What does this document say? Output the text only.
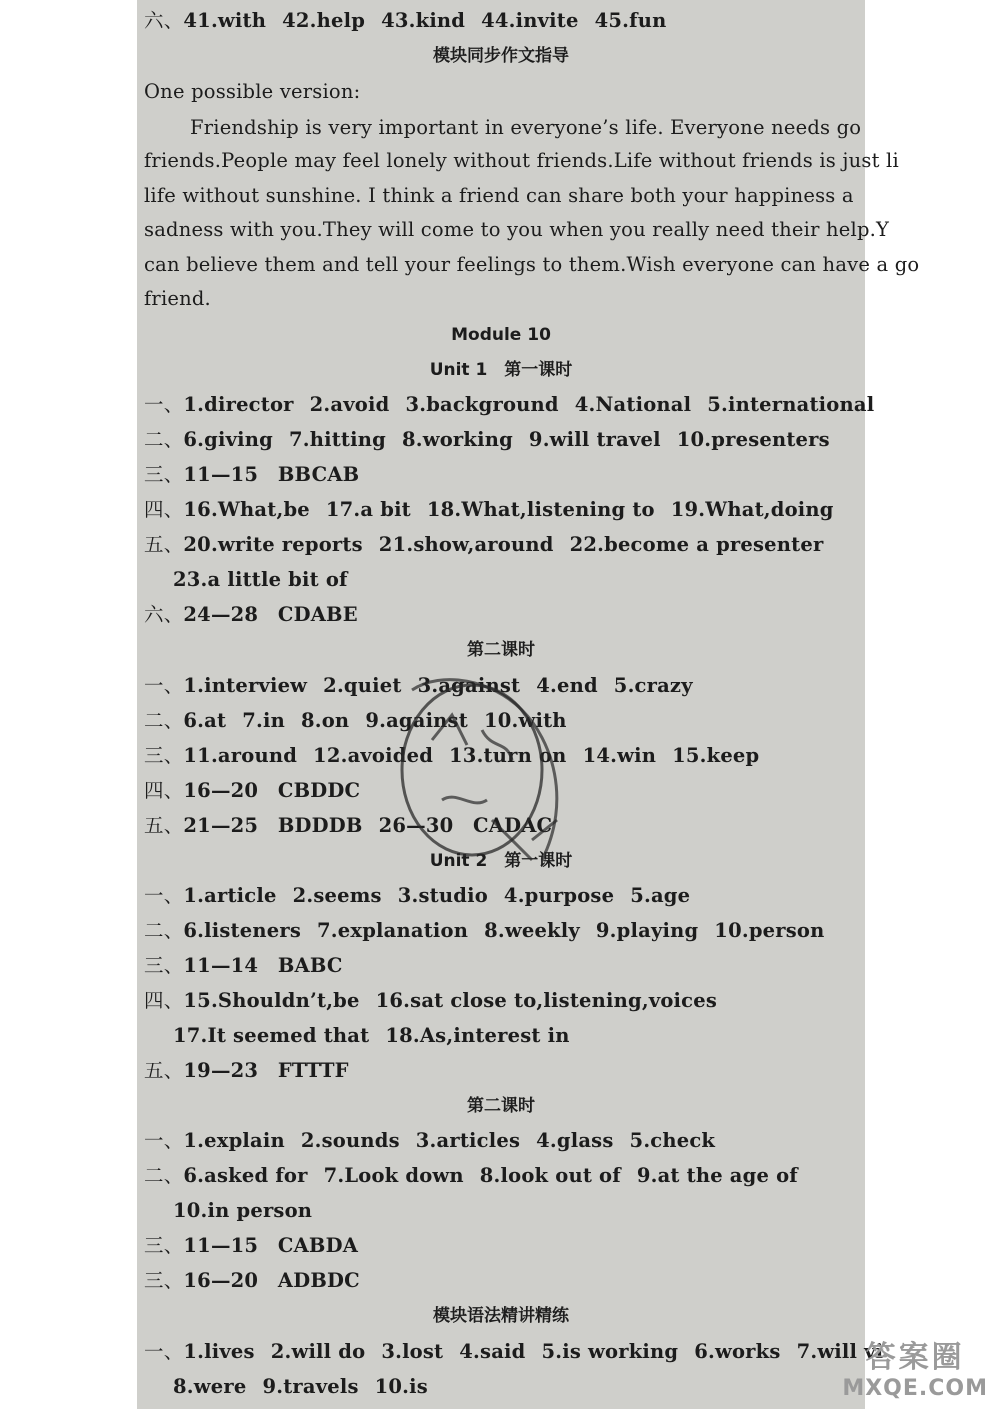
六、41.with 42.help 43.kind 44.invite 45.fun
模块同步作文指导
One possible version:
Friendship is very important in everyone’s life. Everyone needs go
friends.People may feel lonely without friends.Life without friends is just li
life without sunshine. I think a friend can share both your happiness a
sadness with you.They will come to you when you really need their help.Y
can believe them and tell your feelings to them.Wish everyone can have a go
friend.
Module 10
Unit 1　第一课时
一、1.director 2.avoid 3.background 4.National 5.international
二、6.giving 7.hitting 8.working 9.will travel 10.presenters
三、11—15　BBCAB
四、16.What,be 17.a bit 18.What,listening to 19.What,doing
五、20.write reports 21.show,around 22.become a presenter
23.a little bit of
六、24—28　CDABE
第二课时
一、1.interview 2.quiet 3.against 4.end 5.crazy
二、6.at 7.in 8.on 9.against 10.with
三、11.around 12.avoided 13.turn on 14.win 15.keep
四、16—20　CBDDC
五、21—25　BDDDB 26—30　CADAC
Unit 2　第一课时
一、1.article 2.seems 3.studio 4.purpose 5.age
二、6.listeners 7.explanation 8.weekly 9.playing 10.person
三、11—14　BABC
四、15.Shouldn’t,be 16.sat close to,listening,voices
17.It seemed that 18.As,interest in
五、19—23　FTTTF
第二课时
一、1.explain 2.sounds 3.articles 4.glass 5.check
二、6.asked for 7.Look down 8.look out of 9.at the age of
10.in person
三、11—15　CABDA
三、16—20　ADBDC
模块语法精讲精练
一、1.lives 2.will do 3.lost 4.said 5.is working 6.works 7.will vi
8.were 9.travels 10.is
答案圈
MXQE.COM
